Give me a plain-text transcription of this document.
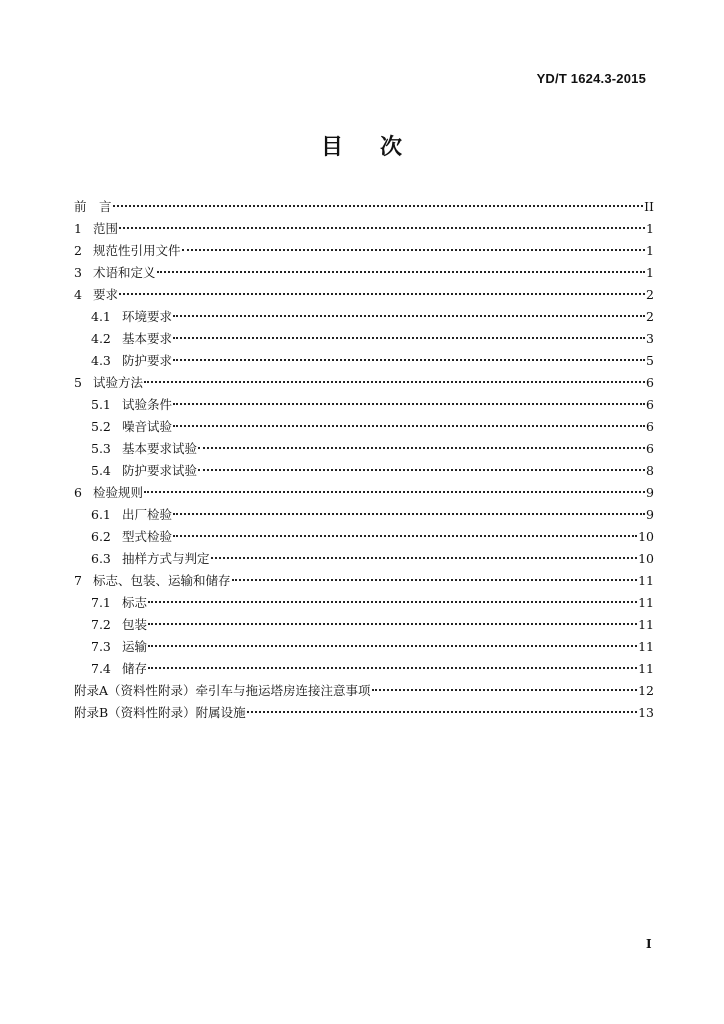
YD/T 1624.3-2015
目 次
前　言	II
1 范围	1
2 规范性引用文件	1
3 术语和定义	1
4 要求	2
4.1 环境要求	2
4.2 基本要求	3
4.3 防护要求	5
5 试验方法	6
5.1 试验条件	6
5.2 噪音试验	6
5.3 基本要求试验	6
5.4 防护要求试验	8
6 检验规则	9
6.1 出厂检验	9
6.2 型式检验	10
6.3 抽样方式与判定	10
7 标志、包装、运输和储存	11
7.1 标志	11
7.2 包装	11
7.3 运输	11
7.4 储存	11
附录A（资料性附录）牵引车与拖运塔房连接注意事项	12
附录B（资料性附录）附属设施	13
I
